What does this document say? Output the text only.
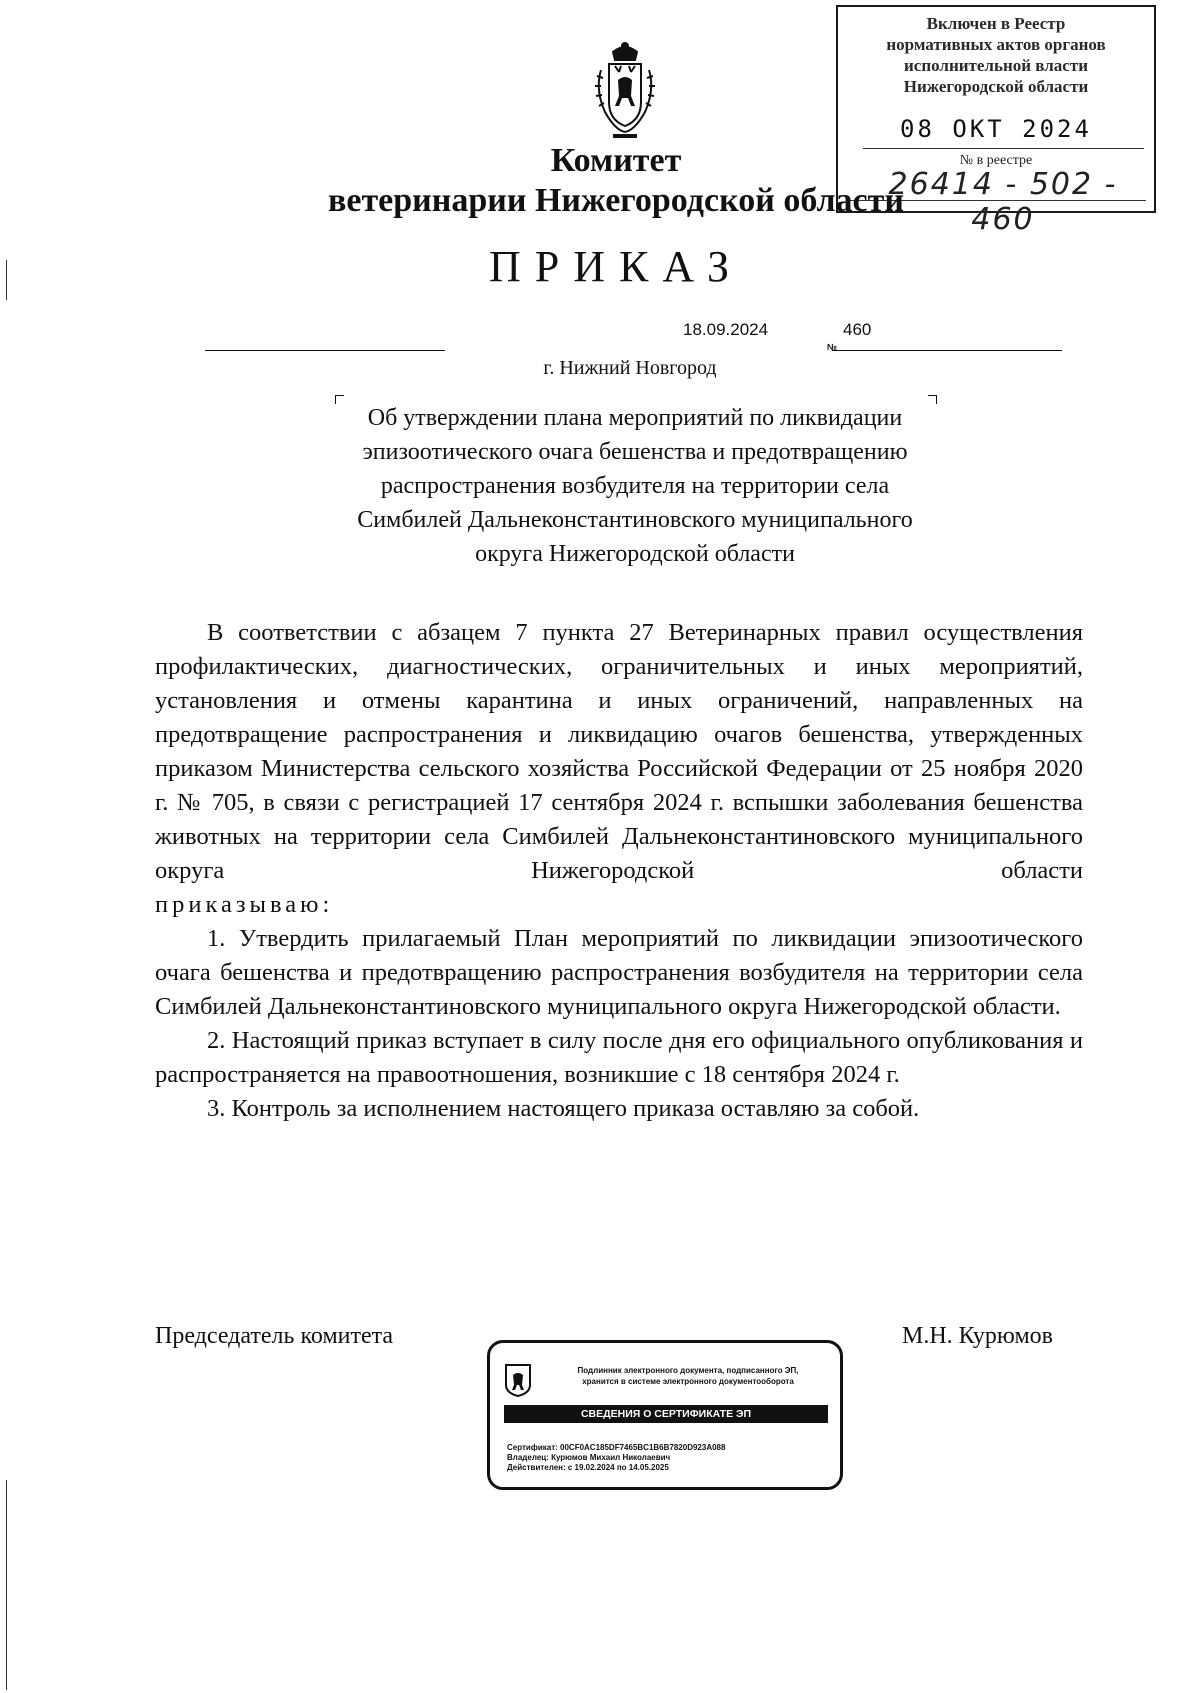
Включен в Реестр
нормативных актов органов
исполнительной власти
Нижегородской области
08 ОКТ 2024
№ в реестре
26414 - 502 - 460
Комитет
ветеринарии Нижегородской области
ПРИКАЗ
18.09.2024
№
460
г. Нижний Новгород
Об утверждении плана мероприятий по ликвидации эпизоотического очага бешенства и предотвращению распространения возбудителя на территории села Симбилей Дальнеконстантиновского муниципального округа Нижегородской области

В соответствии с абзацем 7 пункта 27 Ветеринарных правил осуществления профилактических, диагностических, ограничительных и иных мероприятий, установления и отмены карантина и иных ограничений, направленных на предотвращение распространения и ликвидацию очагов бешенства, утвержденных приказом Министерства сельского хозяйства Российской Федерации от 25 ноября 2020 г. № 705, в связи с регистрацией 17 сентября 2024 г. вспышки заболевания бешенства животных на территории села Симбилей Дальнеконстантиновского муниципального округа Нижегородской области

приказываю:

1. Утвердить прилагаемый План мероприятий по ликвидации эпизоотического очага бешенства и предотвращению распространения возбудителя на территории села Симбилей Дальнеконстантиновского муниципального округа Нижегородской области.

2. Настоящий приказ вступает в силу после дня его официального опубликования и распространяется на правоотношения, возникшие с 18 сентября 2024 г.

3. Контроль за исполнением настоящего приказа оставляю за собой.

Председатель комитета	М.Н. Курюмов
Подлинник электронного документа, подписанного ЭП,
хранится в системе электронного документооборота
СВЕДЕНИЯ О СЕРТИФИКАТЕ ЭП
Сертификат: 00CF0AC185DF7465BC1B6B7820D923A088
Владелец: Курюмов Михаил Николаевич
Действителен: с 19.02.2024 по 14.05.2025
